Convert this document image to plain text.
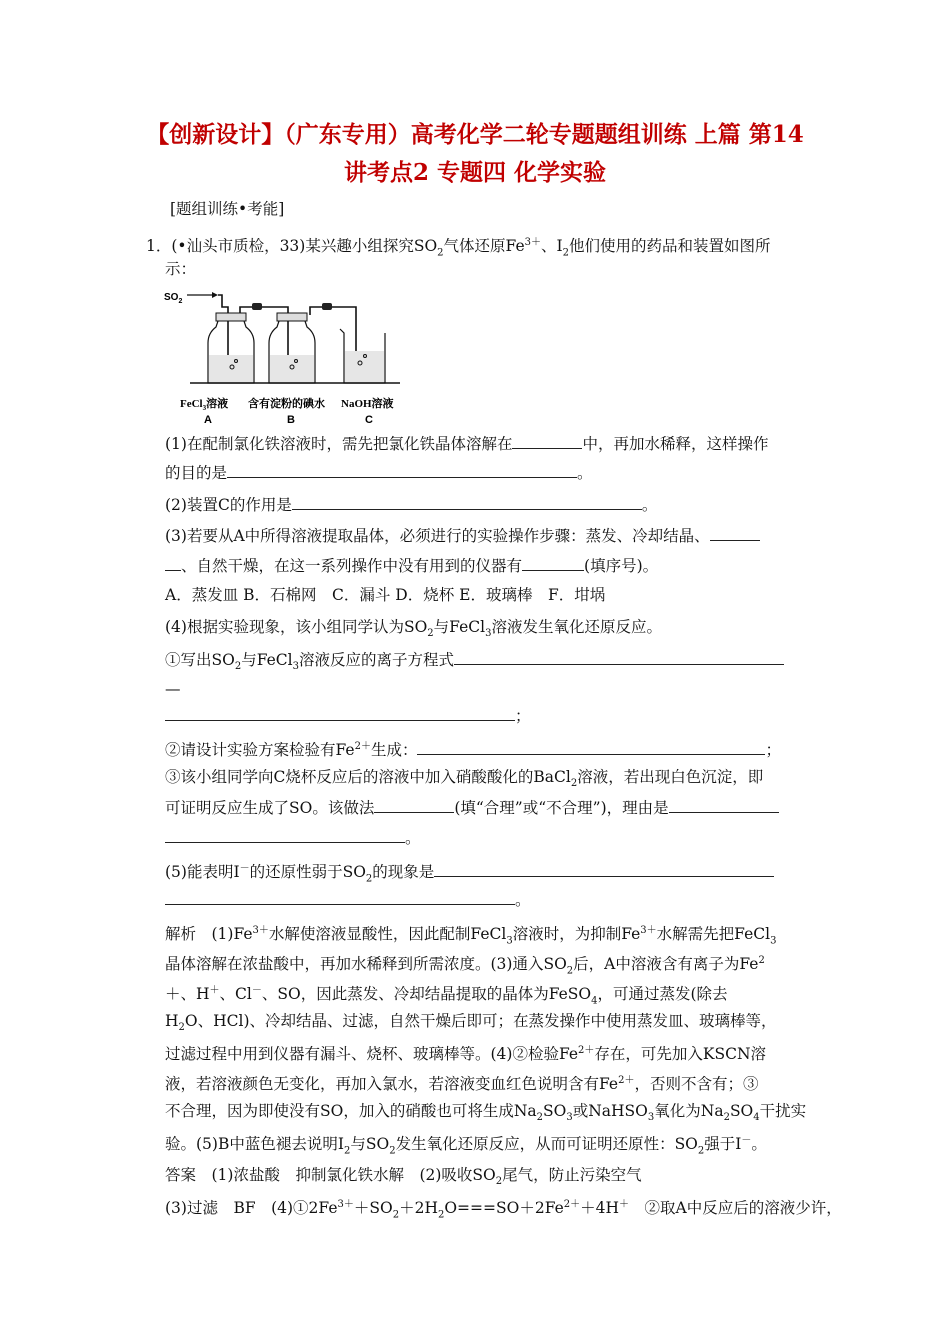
【创新设计】（广东专用）高考化学二轮专题题组训练 上篇 第14
讲考点2 专题四 化学实验
[题组训练•考能]
1．(•汕头市质检，33)某兴趣小组探究$SO_2$气体还原$Fe^{3+}$、$I_2$他们使用的药品和装置如图所
示：
$SO_2$
FeCl$_3$溶液 含有淀粉的碘水 NaOH溶液
A	B	C
(1)在配制氯化铁溶液时，需先把氯化铁晶体溶解在	中，再加水稀释，这样操作
的目的是	。
(2)装置C的作用是	。
(3)若要从A中所得溶液提取晶体，必须进行的实验操作步骤：蒸发、冷却结晶、
、自然干燥，在这一系列操作中没有用到的仪器有	(填序号)。
A．蒸发皿 B．石棉网　C．漏斗 D．烧杯 E．玻璃棒　F．坩埚
(4)根据实验现象，该小组同学认为$SO_2$与FeCl$_3$溶液发生氧化还原反应。
①写出$SO_2$与FeCl$_3$溶液反应的离子方程式
—
；
②请设计实验方案检验有$Fe^{2+}$生成：	；
③该小组同学向C烧杯反应后的溶液中加入硝酸酸化的BaCl$_2$溶液，若出现白色沉淀，即
可证明反应生成了SO。该做法	(填“合理”或“不合理”)，理由是
。
(5)能表明I－的还原性弱于$SO_2$的现象是
。
解析　$(1)Fe^{3+}$水解使溶液显酸性，因此配制FeCl$_3$溶液时，为抑制$Fe^{3+}$水解需先把FeCl$_3$
晶体溶解在浓盐酸中，再加水稀释到所需浓度。(3)通入$SO_2$后，A中溶液含有离子为$Fe^2$
＋、H＋、Cl－、SO，因此蒸发、冷却结晶提取的晶体为FeSO$_4$，可通过蒸发(除去
$H_2O$、HCl)、冷却结晶、过滤，自然干燥后即可；在蒸发操作中使用蒸发皿、玻璃棒等，
过滤过程中用到仪器有漏斗、烧杯、玻璃棒等。(4)②检验$Fe^{2+}$存在，可先加入KSCN溶
液，若溶液颜色无变化，再加入氯水，若溶液变血红色说明含有$Fe^{2+}$，否则不含有；③
不合理，因为即使没有SO，加入的硝酸也可将生成$Na_2SO_3$或NaHSO$_3$氧化为$Na_2SO_4$干扰实
验。(5)B中蓝色褪去说明$I_2$与$SO_2$发生氧化还原反应，从而可证明还原性：$SO_2$强于I－。
答案　(1)浓盐酸　抑制氯化铁水解　(2)吸收$SO_2$尾气，防止污染空气
(3)过滤　BF　$(4)①2Fe^{3+}+SO_2+2H_2O===SO+2Fe^{2+}+4H^+$　②取A中反应后的溶液少许，
